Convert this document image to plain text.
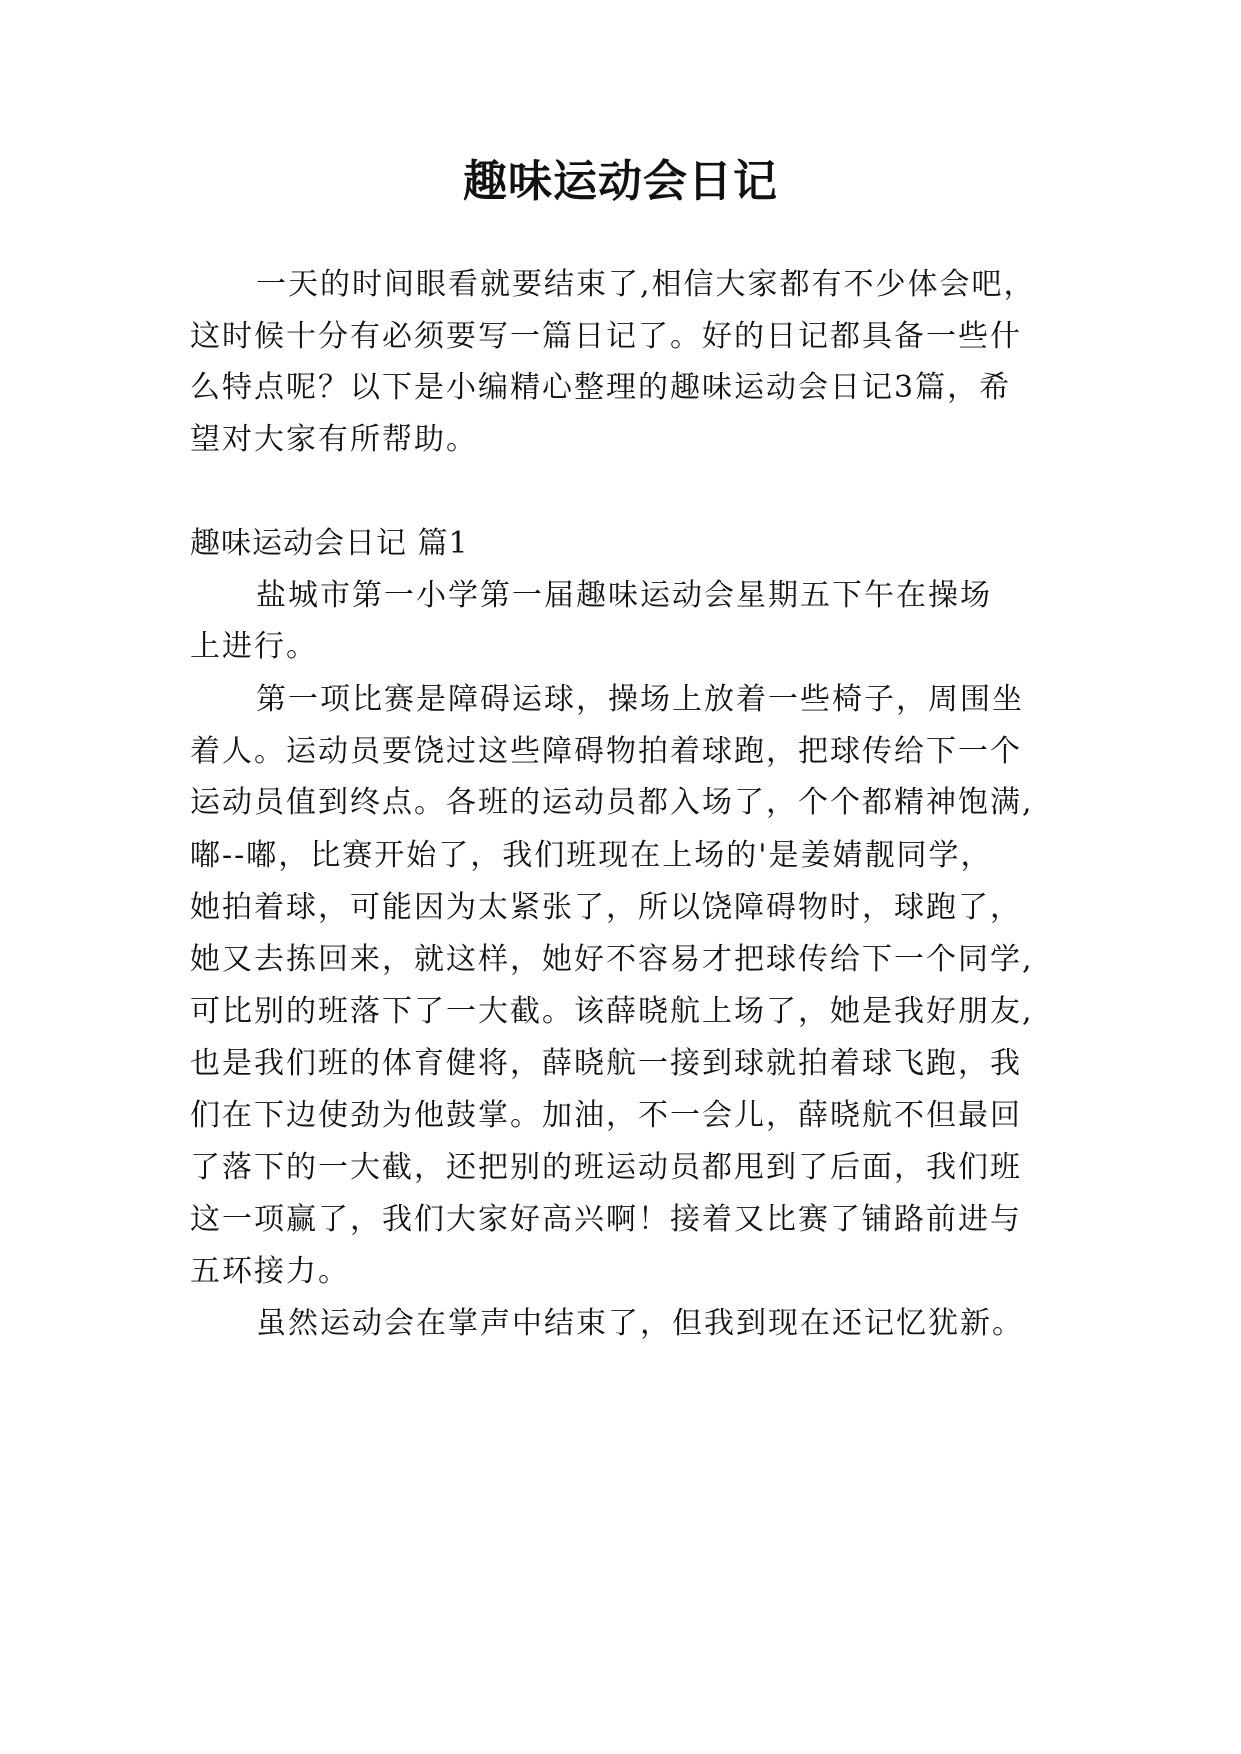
趣味运动会日记
一天的时间眼看就要结束了,相信大家都有不少体会吧，
这时候十分有必须要写一篇日记了。好的日记都具备一些什
么特点呢？以下是小编精心整理的趣味运动会日记3篇，希
望对大家有所帮助。
趣味运动会日记 篇1
盐城市第一小学第一届趣味运动会星期五下午在操场
上进行。
第一项比赛是障碍运球，操场上放着一些椅子，周围坐
着人。运动员要饶过这些障碍物拍着球跑，把球传给下一个
运动员值到终点。各班的运动员都入场了，个个都精神饱满,
嘟--嘟，比赛开始了，我们班现在上场的'是姜婧靓同学，
她拍着球，可能因为太紧张了，所以饶障碍物时，球跑了，
她又去拣回来，就这样，她好不容易才把球传给下一个同学,
可比别的班落下了一大截。该薛晓航上场了，她是我好朋友,
也是我们班的体育健将，薛晓航一接到球就拍着球飞跑，我
们在下边使劲为他鼓掌。加油，不一会儿，薛晓航不但最回
了落下的一大截，还把别的班运动员都甩到了后面，我们班
这一项赢了，我们大家好高兴啊！接着又比赛了铺路前进与
五环接力。
虽然运动会在掌声中结束了，但我到现在还记忆犹新。
